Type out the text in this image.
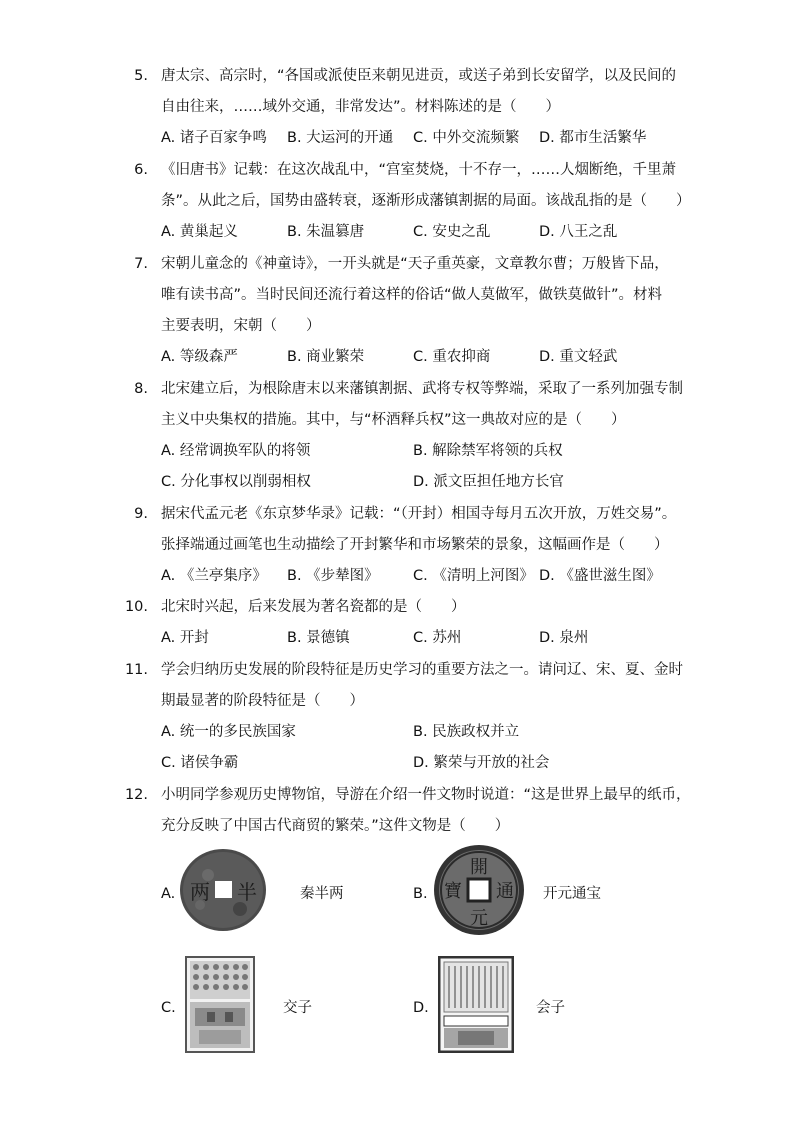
5. 唐太宗、高宗时，“各国或派使臣来朝见进贡，或送子弟到长安留学，以及民间的
自由往来，……域外交通，非常发达”。材料陈述的是（　　）
A. 诸子百家争鸣 B. 大运河的开通 C. 中外交流频繁 D. 都市生活繁华
6. 《旧唐书》记载：在这次战乱中，“宫室焚烧，十不存一，……人烟断绝，千里萧
条”。从此之后，国势由盛转衰，逐渐形成藩镇割据的局面。该战乱指的是（　　）
A. 黄巢起义	B. 朱温篡唐	C. 安史之乱	D. 八王之乱
7. 宋朝儿童念的《神童诗》，一开头就是“天子重英豪，文章教尔曹；万般皆下品，
唯有读书高”。当时民间还流行着这样的俗话“做人莫做军，做铁莫做针”。材料
主要表明，宋朝（　　）
A. 等级森严	B. 商业繁荣	C. 重农抑商	D. 重文轻武
8. 北宋建立后，为根除唐末以来藩镇割据、武将专权等弊端，采取了一系列加强专制
主义中央集权的措施。其中，与“杯酒释兵权”这一典故对应的是（　　）
A. 经常调换军队的将领	B. 解除禁军将领的兵权
C. 分化事权以削弱相权	D. 派文臣担任地方长官
9. 据宋代孟元老《东京梦华录》记载：“（开封）相国寺每月五次开放，万姓交易”。
张择端通过画笔也生动描绘了开封繁华和市场繁荣的景象，这幅画作是（　　）
A. 《兰亭集序》 B. 《步辇图》 C. 《清明上河图》 D. 《盛世滋生图》
10. 北宋时兴起，后来发展为著名瓷都的是（　　）
A. 开封	B. 景德镇	C. 苏州	D. 泉州
11. 学会归纳历史发展的阶段特征是历史学习的重要方法之一。请问辽、宋、夏、金时
期最显著的阶段特征是（　　）
A. 统一的多民族国家	B. 民族政权并立
C. 诸侯争霸	D. 繁荣与开放的社会
12. 小明同学参观历史博物馆，导游在介绍一件文物时说道：“这是世界上最早的纸币，
充分反映了中国古代商贸的繁荣。”这件文物是（　　）
A. 两 半	秦半两	B.
開
元
寶 通 开元通宝
C.	交子	D.	会子
